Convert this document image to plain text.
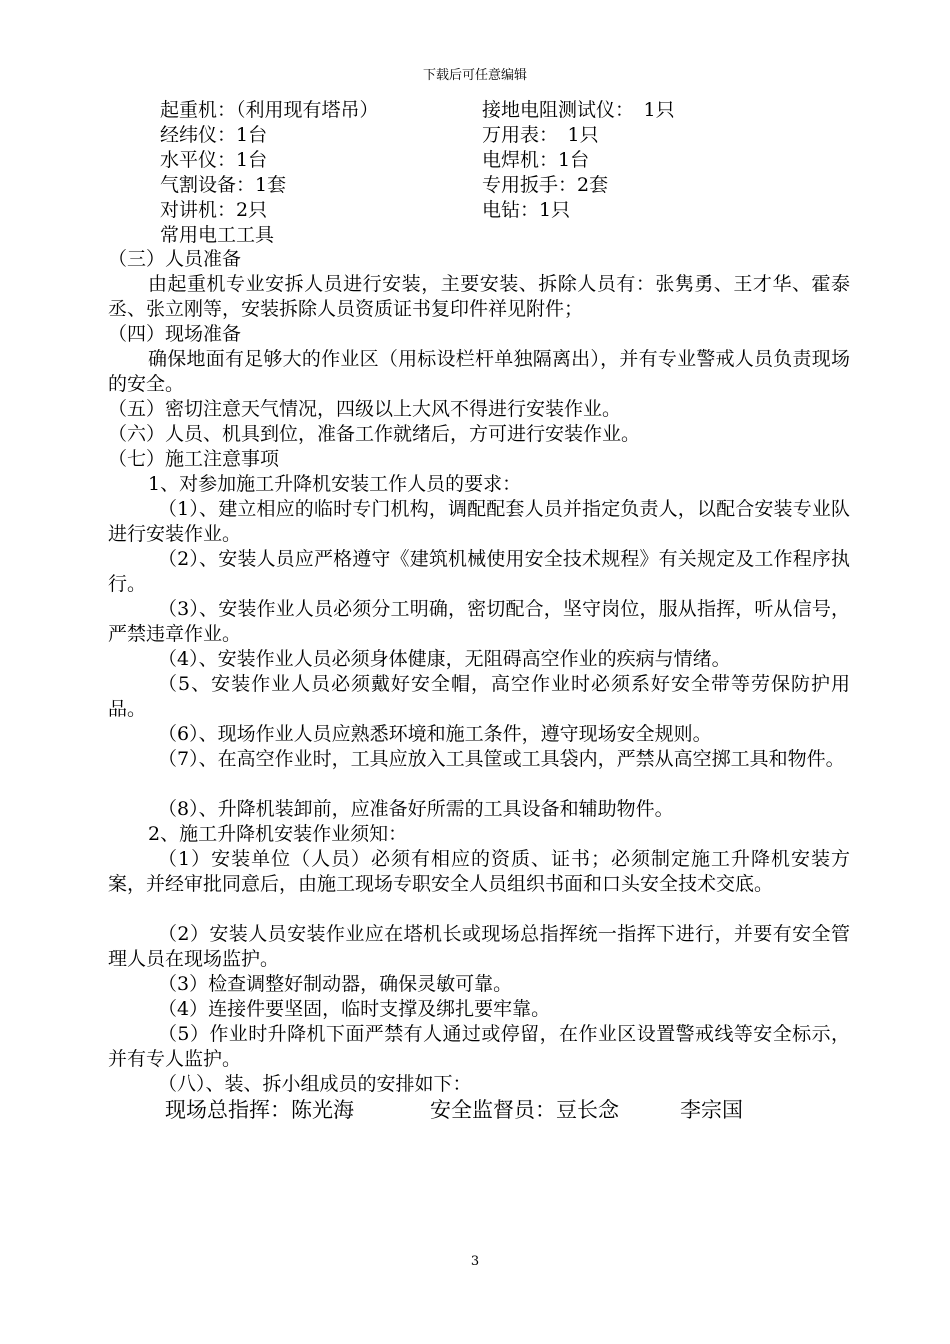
下载后可任意编辑
起重机：（利用现有塔吊）
经纬仪：1台
水平仪：1台
气割设备：1套
对讲机：2只
常用电工工具
接地电阻测试仪：　1只
万用表：　1只
电焊机：1台
专用扳手：2套
电钻：1只
（三）人员准备
由起重机专业安拆人员进行安装，主要安装、拆除人员有：张隽勇、王才华、霍泰丞、张立刚等，安装拆除人员资质证书复印件祥见附件；
（四）现场准备
确保地面有足够大的作业区（用标设栏杆单独隔离出），并有专业警戒人员负责现场的安全。
（五）密切注意天气情况，四级以上大风不得进行安装作业。
（六）人员、机具到位，准备工作就绪后，方可进行安装作业。
（七）施工注意事项
1、对参加施工升降机安装工作人员的要求：
（1）、建立相应的临时专门机构，调配配套人员并指定负责人，以配合安装专业队进行安装作业。
（2）、安装人员应严格遵守《建筑机械使用安全技术规程》有关规定及工作程序执行。
（3）、安装作业人员必须分工明确，密切配合，坚守岗位，服从指挥，听从信号，严禁违章作业。
（4）、安装作业人员必须身体健康，无阻碍高空作业的疾病与情绪。
（5、安装作业人员必须戴好安全帽，高空作业时必须系好安全带等劳保防护用品。
（6）、现场作业人员应熟悉环境和施工条件，遵守现场安全规则。
（7）、在高空作业时，工具应放入工具筐或工具袋内，严禁从高空掷工具和物件。
（8）、升降机装卸前，应准备好所需的工具设备和辅助物件。
2、施工升降机安装作业须知：
（1）安装单位（人员）必须有相应的资质、证书；必须制定施工升降机安装方案，并经审批同意后，由施工现场专职安全人员组织书面和口头安全技术交底。
（2）安装人员安装作业应在塔机长或现场总指挥统一指挥下进行，并要有安全管理人员在现场监护。
（3）检查调整好制动器，确保灵敏可靠。
（4）连接件要坚固，临时支撑及绑扎要牢靠。
（5）作业时升降机下面严禁有人通过或停留，在作业区设置警戒线等安全标示，并有专人监护。
（八）、装、拆小组成员的安排如下：
现场总指挥：陈光海	安全监督员：豆长念	李宗国
3
